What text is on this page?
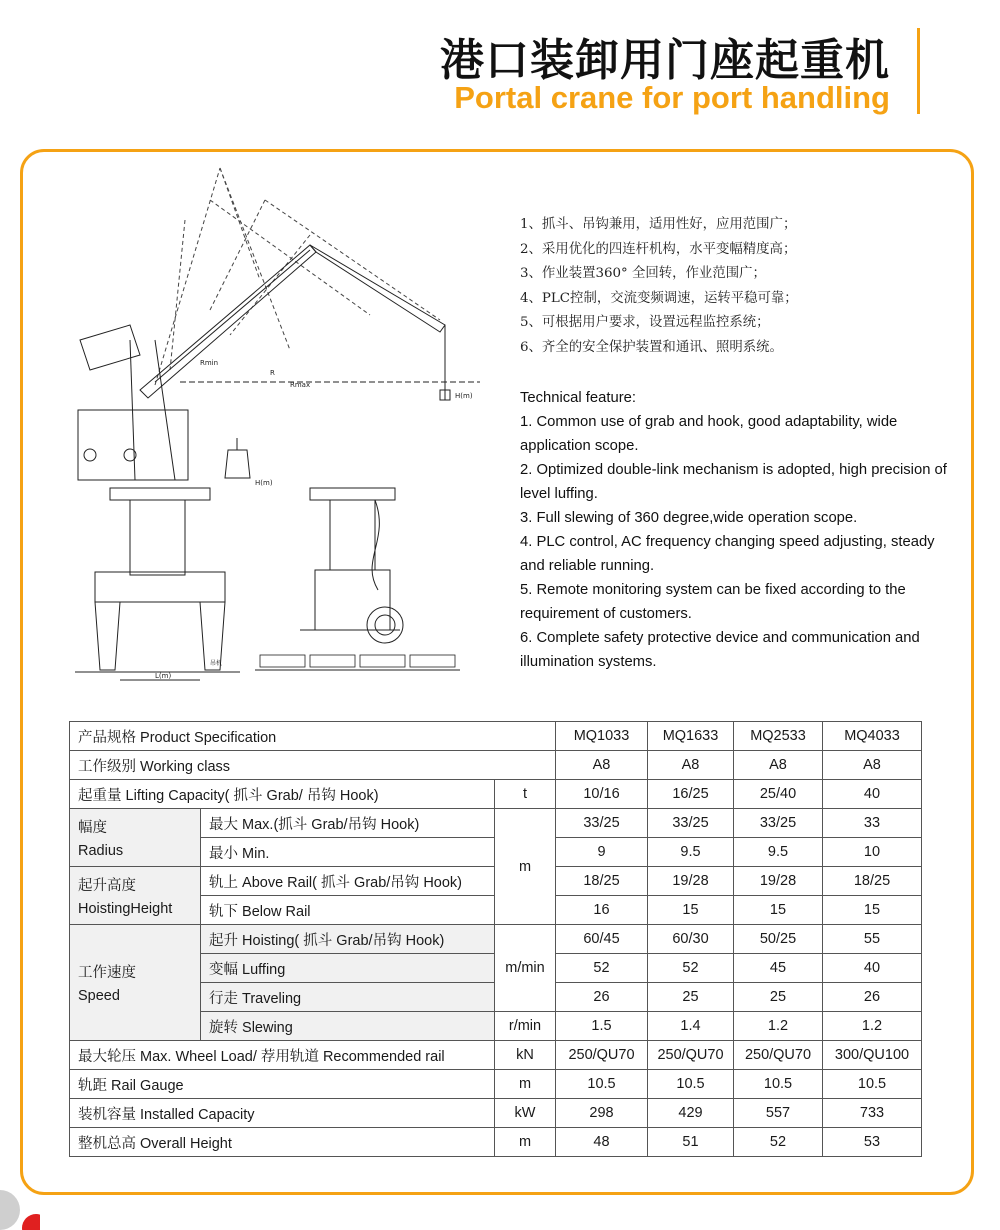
港口装卸用门座起重机
Portal crane for port handling
Rmin
R
Rmax
H(m)
L(m)
吊机
H(m)
1、抓斗、吊钩兼用，适用性好，应用范围广；
2、采用优化的四连杆机构，水平变幅精度高；
3、作业装置360° 全回转，作业范围广；
4、PLC控制，交流变频调速，运转平稳可靠；
5、可根据用户要求，设置远程监控系统；
6、齐全的安全保护装置和通讯、照明系统。
Technical feature:
1. Common use of grab and hook, good adaptability, wide application scope.
2. Optimized double-link mechanism is adopted, high precision of level luffing.
3. Full slewing of 360 degree,wide operation scope.
4. PLC control, AC frequency changing speed adjusting, steady and reliable running.
5. Remote monitoring system can be fixed according to the requirement of customers.
6. Complete safety protective device and communication and illumination systems.
产品规格 Product Specification			MQ1033	MQ1633	MQ2533	MQ4033
工作级别 Working class			A8	A8	A8	A8
起重量 Lifting Capacity( 抓斗 Grab/ 吊钩 Hook)		t	10/16	16/25	25/40	40

幅度
Radius	最大 Max.(抓斗 Grab/吊钩 Hook)	m	33/25	33/25	33/25	33
	最小 Min.		9	9.5	9.5	10

起升高度
HoistingHeight	轨上 Above Rail( 抓斗 Grab/吊钩 Hook)		18/25	19/28	19/28	18/25
	轨下 Below Rail		16	15	15	15

工作速度
Speed	起升 Hoisting( 抓斗 Grab/吊钩 Hook)	m/min	60/45	60/30	50/25	55
	变幅 Luffing		52	52	45	40
	行走 Traveling		26	25	25	26
	旋转 Slewing	r/min	1.5	1.4	1.2	1.2
最大轮压 Max. Wheel Load/ 荐用轨道 Recommended rail		kN	250/QU70	250/QU70	250/QU70	300/QU100
轨距 Rail Gauge		m	10.5	10.5	10.5	10.5
装机容量 Installed Capacity		kW	298	429	557	733
整机总高 Overall Height		m	48	51	52	53
